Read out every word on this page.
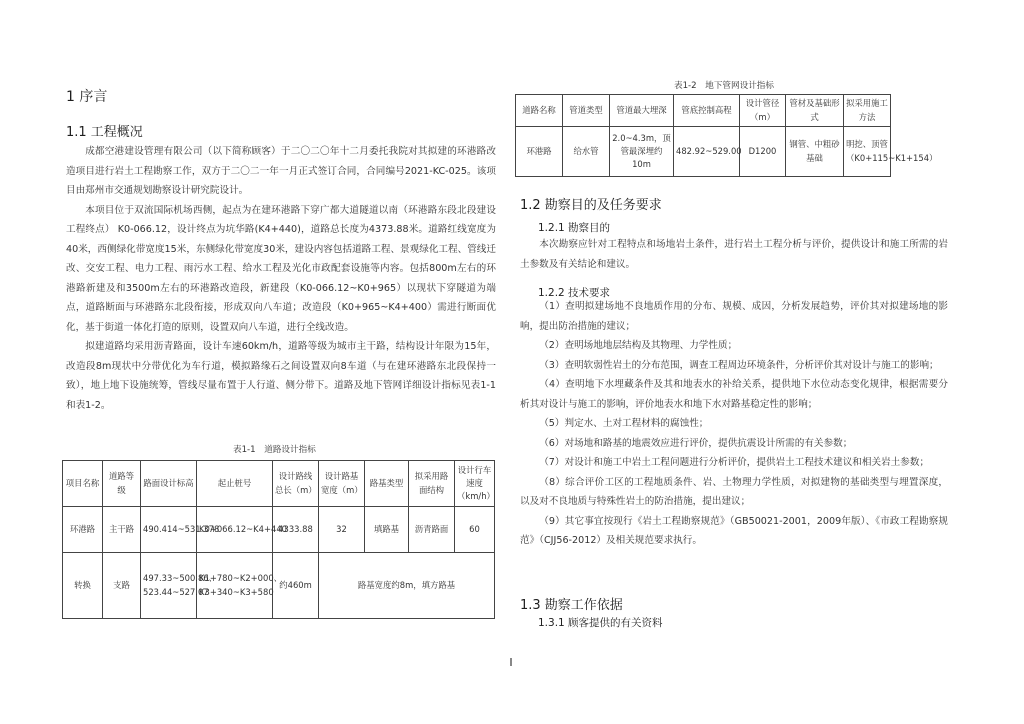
1 序言
1.1 工程概况

成都空港建设管理有限公司（以下简称顾客）于二〇二〇年十二月委托我院对其拟建的环港路改造项目进行岩土工程勘察工作，双方于二〇二一年一月正式签订合同，合同编号2021-KC-025。该项目由郑州市交通规划勘察设计研究院设计。

本项目位于双流国际机场西侧，起点为在建环港路下穿广都大道隧道以南（环港路东段北段建设工程终点） K0-066.12，设计终点为坑华路(K4+440)，道路总长度为4373.88米。道路红线宽度为40米，西侧绿化带宽度15米，东侧绿化带宽度30米，建设内容包括道路工程、景观绿化工程、管线迁改、交安工程、电力工程、雨污水工程、给水工程及光化市政配套设施等内容。包括800m左右的环港路新建及和3500m左右的环港路改造段，新建段（K0-066.12~K0+965）以现状下穿隧道为端点，道路断面与环港路东北段衔接，形成双向八车道；改造段（K0+965~K4+400）需进行断面优化，基于街道一体化打造的原则，设置双向八车道，进行全线改造。

拟建道路均采用沥青路面，设计车速60km/h，道路等级为城市主干路，结构设计年限为15年，改造段8m现状中分带优化为车行道，模拟路缘石之间设置双向8车道（与在建环港路东北段保持一致），地上地下设施统筹，管线尽量布置于人行道、侧分带下。道路及地下管网详细设计指标见表1-1和表1-2。

表1-1　道路设计指标
项目名称	道路等级	路面设计标高	起止桩号	设计路线总长（m）	设计路基宽度（m）	路基类型	拟采用路面结构	设计行车速度（km/h）
环港路	主干路	490.414~531.378	K0+066.12~K4+440	4333.88	32	填路基	沥青路面	60
转换	支路	497.33~500.86、523.44~527.07	K1+780~K2+000、K3+340~K3+580	约460m	路基宽度约8m，填方路基			
表1-2　地下管网设计指标
道路名称	管道类型	管道最大埋深	管底控制高程	设计管径（m）	管材及基础形式	拟采用施工方法
环港路	给水管	2.0~4.3m，顶管最深埋约10m	482.92~529.00	D1200	钢管、中粗砂基础	明挖、顶管（K0+115~K1+154）
1.2 勘察目的及任务要求
1.2.1 勘察目的

本次勘察应针对工程特点和场地岩土条件，进行岩土工程分析与评价，提供设计和施工所需的岩土参数及有关结论和建议。

1.2.2 技术要求

（1）查明拟建场地不良地质作用的分布、规模、成因，分析发展趋势，评价其对拟建场地的影响，提出防治措施的建议；

（2）查明场地地层结构及其物理、力学性质；

（3）查明软弱性岩土的分布范围，调查工程周边环境条件，分析评价其对设计与施工的影响；

（4）查明地下水埋藏条件及其和地表水的补给关系，提供地下水位动态变化规律，根据需要分析其对设计与施工的影响，评价地表水和地下水对路基稳定性的影响；

（5）判定水、土对工程材料的腐蚀性；

（6）对场地和路基的地震效应进行评价，提供抗震设计所需的有关参数；

（7）对设计和施工中岩土工程问题进行分析评价，提供岩土工程技术建议和相关岩土参数；

（8）综合评价工区的工程地质条件、岩、土物理力学性质，对拟建物的基础类型与埋置深度，以及对不良地质与特殊性岩土的防治措施，提出建议；

（9）其它事宜按现行《岩土工程勘察规范》（GB50021-2001，2009年版）、《市政工程勘察规范》（CJJ56-2012）及相关规范要求执行。

1.3 勘察工作依据
1.3.1 顾客提供的有关资料
